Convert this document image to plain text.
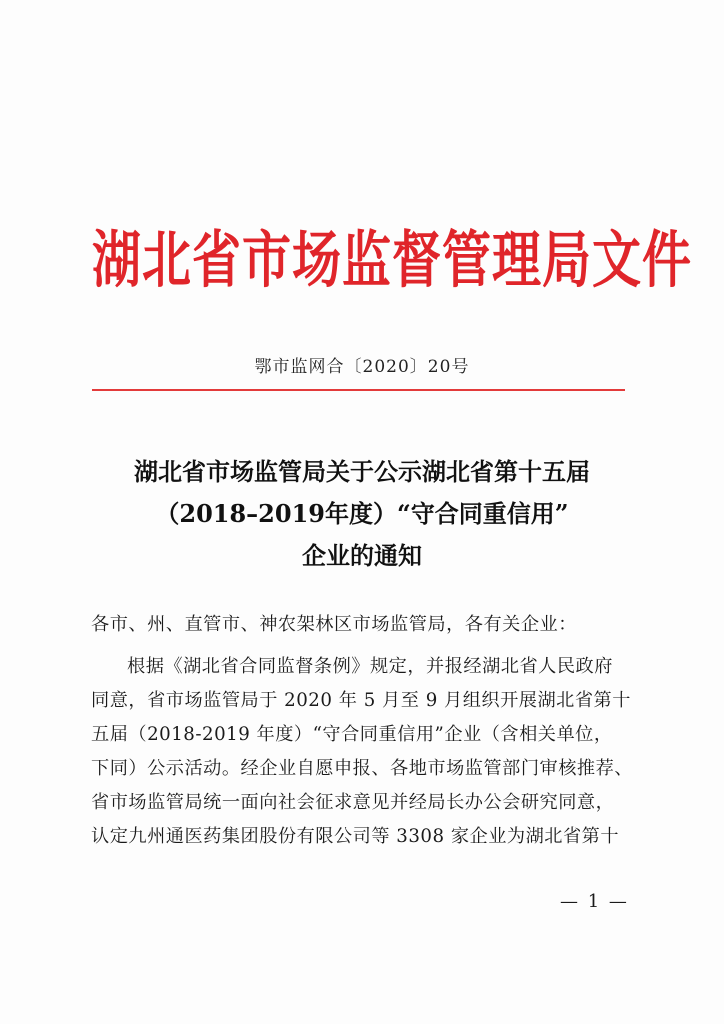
湖北省市场监督管理局文件
鄂市监网合〔2020〕20号
湖北省市场监管局关于公示湖北省第十五届
（2018–2019年度）“守合同重信用”
企业的通知
各市、州、直管市、神农架林区市场监管局，各有关企业：
根据《湖北省合同监督条例》规定，并报经湖北省人民政府
同意，省市场监管局于 2020 年 5 月至 9 月组织开展湖北省第十
五届（2018-2019 年度）“守合同重信用”企业（含相关单位，
下同）公示活动。经企业自愿申报、各地市场监管部门审核推荐、
省市场监管局统一面向社会征求意见并经局长办公会研究同意，
认定九州通医药集团股份有限公司等 3308 家企业为湖北省第十
— 1 —
